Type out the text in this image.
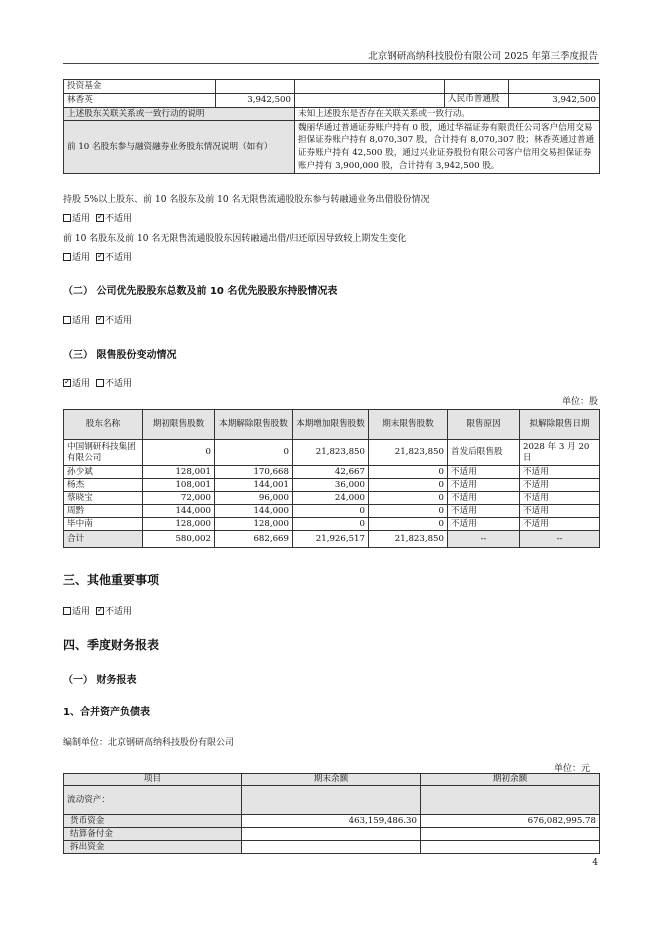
北京钢研高纳科技股份有限公司 2025 年第三季度报告
投资基金		

林香英	3,942,500	人民币普通股	3,942,500
上述股东关联关系或一致行动的说明		未知上述股东是否存在关联关系或一致行动。	
前 10 名股东参与融资融券业务股东情况说明（如有）		魏丽华通过普通证券账户持有 0 股，通过华福证券有限责任公司客户信用交易担保证券账户持有 8,070,307 股，合计持有 8,070,307 股；林香英通过普通证券账户持有 42,500 股，通过兴业证券股份有限公司客户信用交易担保证券账户持有 3,900,000 股，合计持有 3,942,500 股。	
持股 5%以上股东、前 10 名股东及前 10 名无限售流通股股东参与转融通业务出借股份情况
适用 ✓ 不适用
前 10 名股东及前 10 名无限售流通股股东因转融通出借/归还原因导致较上期发生变化
适用 ✓ 不适用
（二） 公司优先股股东总数及前 10 名优先股股东持股情况表
适用 ✓ 不适用
（三） 限售股份变动情况
✓适用 不适用
单位：股
股东名称	期初限售股数	本期解除限售股数	本期增加限售股数	期末限售股数	限售原因	拟解除限售日期
中国钢研科技集团有限公司	0	0	21,823,850	21,823,850	首发后限售股	2028 年 3 月 20 日
孙少斌	128,001	170,668	42,667	0	不适用	不适用
杨杰	108,001	144,001	36,000	0	不适用	不适用
蔡晓宝	72,000	96,000	24,000	0	不适用	不适用
周黔	144,000	144,000	0	0	不适用	不适用
毕中南	128,000	128,000	0	0	不适用	不适用
合计	580,002	682,669	21,926,517	21,823,850	--	--
三、其他重要事项
适用 ✓ 不适用
四、季度财务报表
（一） 财务报表
1、合并资产负债表
编制单位：北京钢研高纳科技股份有限公司
单位：元
项目	期末余额	期初余额
流动资产：		
货币资金	463,159,486.30	676,082,995.78
结算备付金		
拆出资金		
4
